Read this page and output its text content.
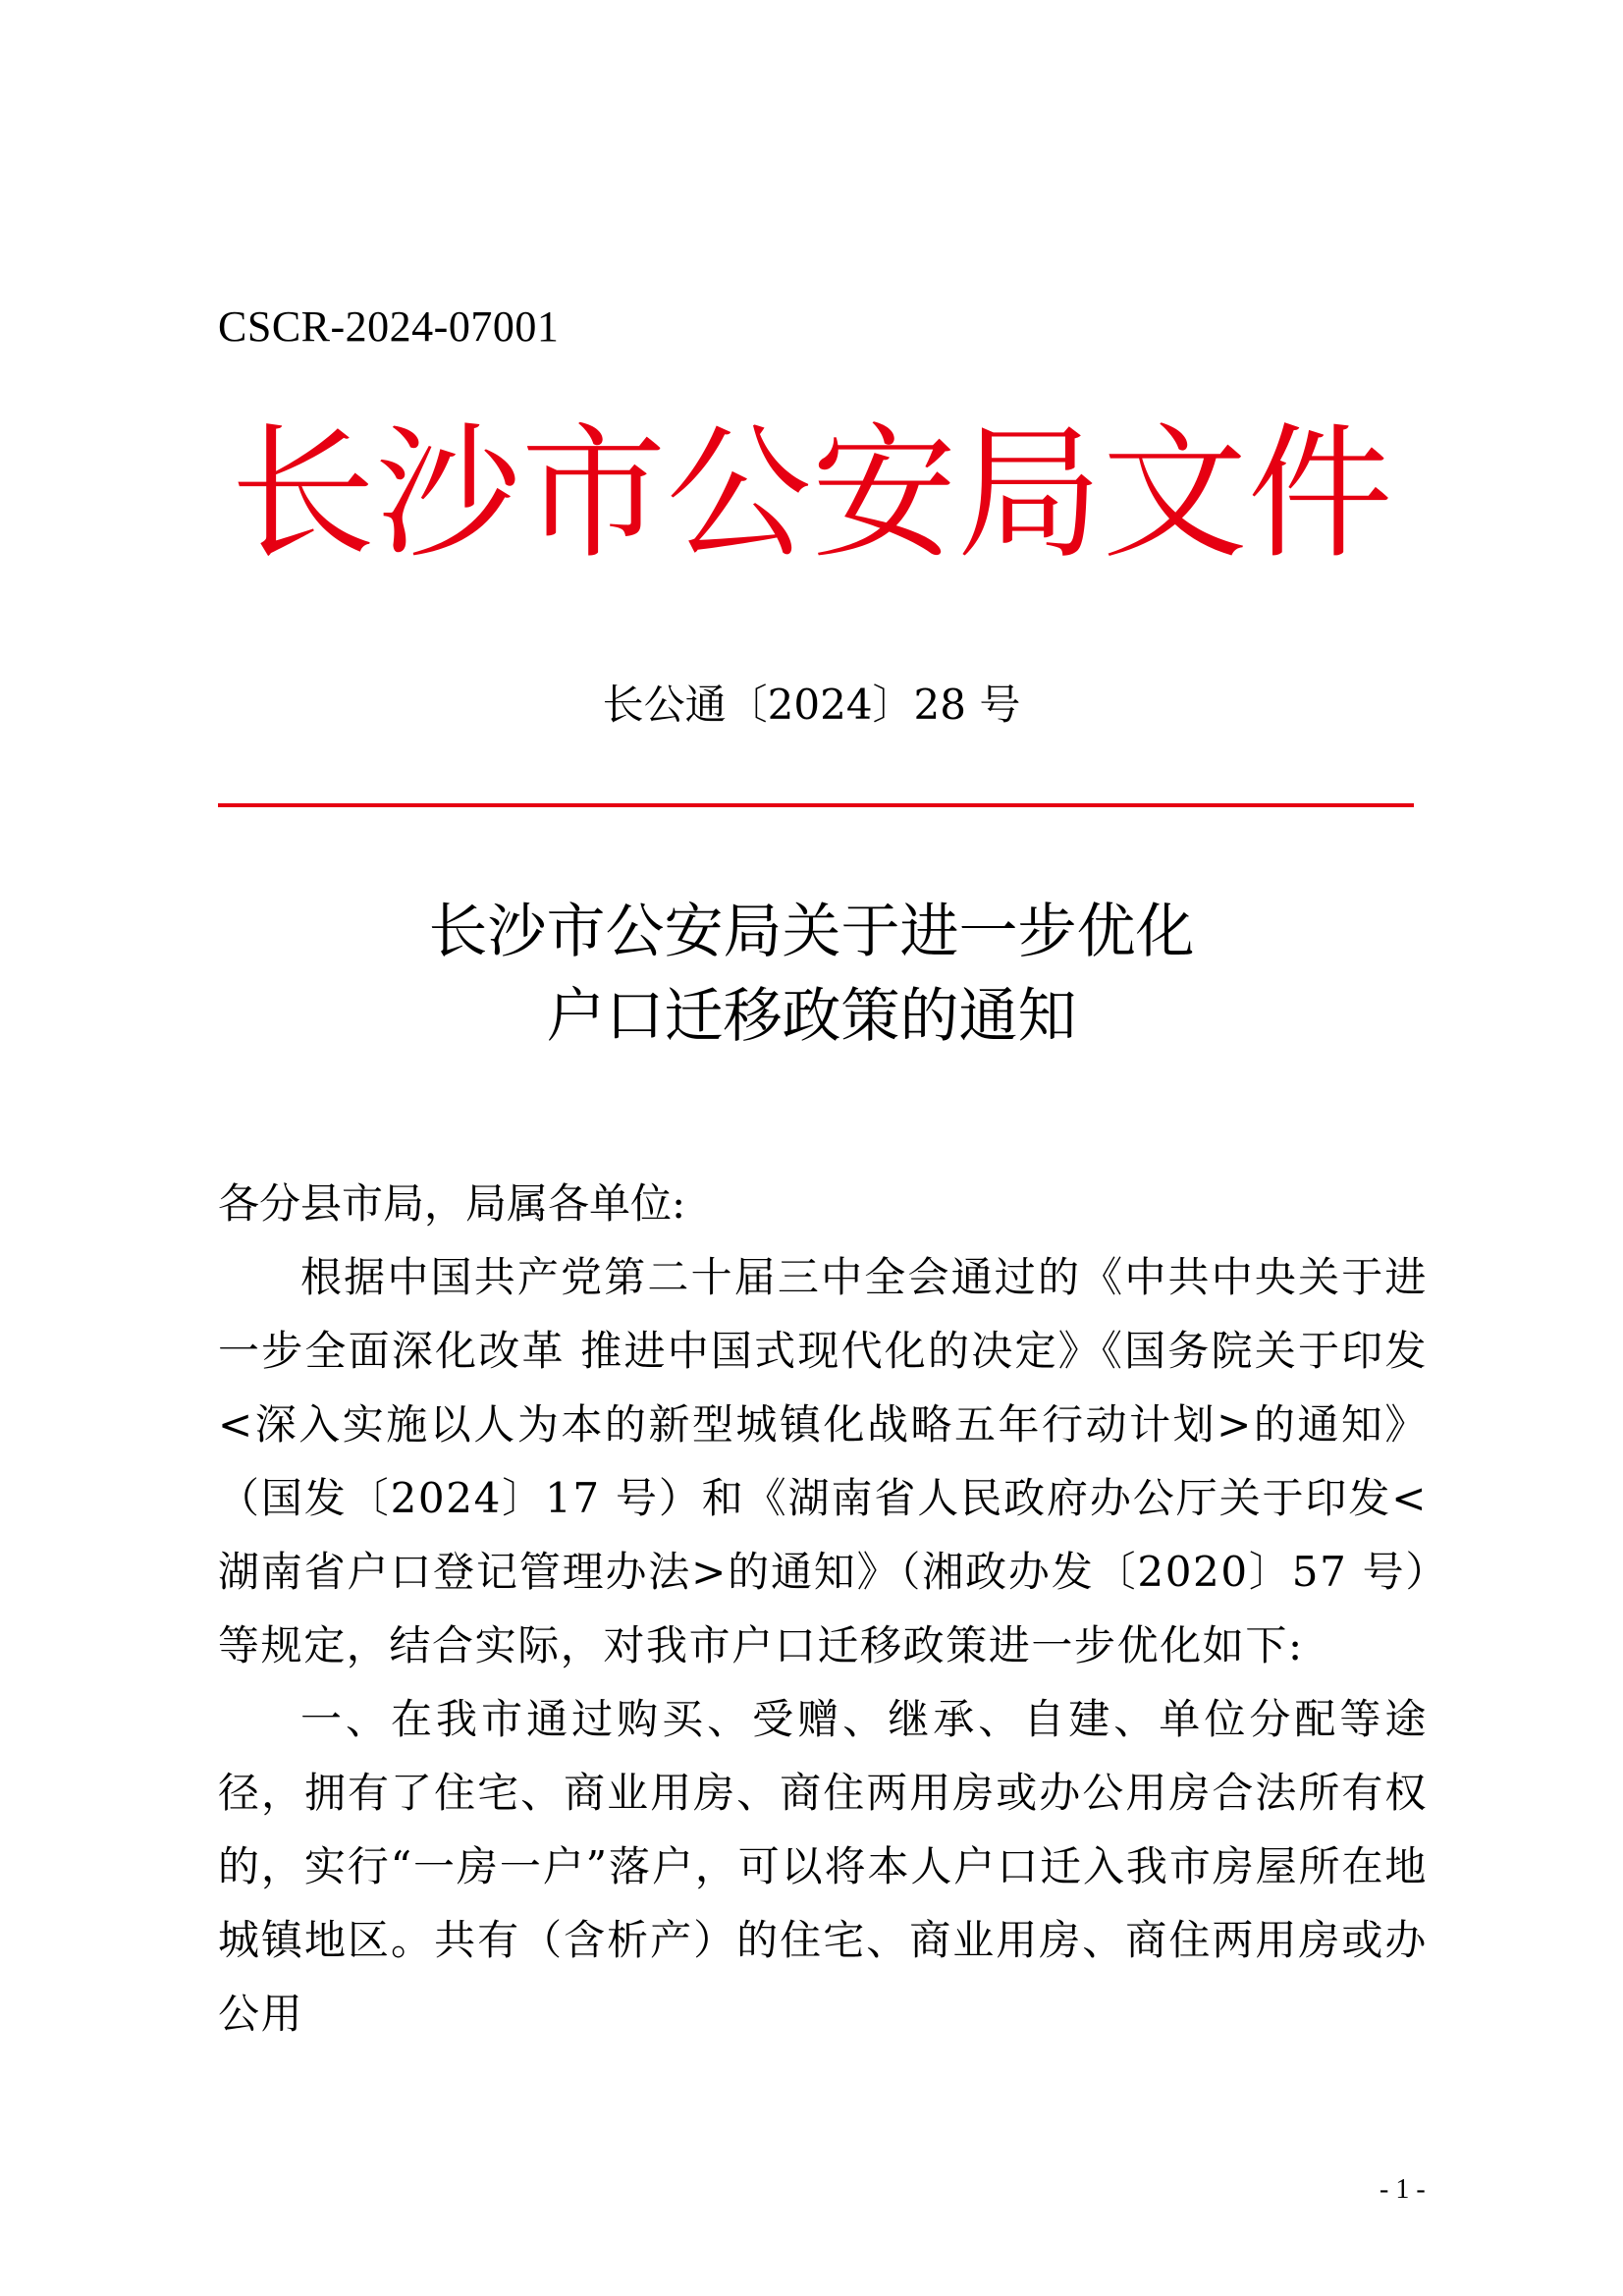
CSCR-2024-07001
长沙市公安局文件
长公通〔2024〕28 号
长沙市公安局关于进一步优化
户口迁移政策的通知

各分县市局，局属各单位:

根据中国共产党第二十届三中全会通过的《中共中央关于进一步全面深化改革 推进中国式现代化的决定》《国务院关于印发<深入实施以人为本的新型城镇化战略五年行动计划>的通知》（国发〔2024〕17 号）和《湖南省人民政府办公厅关于印发<湖南省户口登记管理办法>的通知》（湘政办发〔2020〕57 号）等规定，结合实际，对我市户口迁移政策进一步优化如下:

一、在我市通过购买、受赠、继承、自建、单位分配等途径，拥有了住宅、商业用房、商住两用房或办公用房合法所有权的，实行“一房一户”落户，可以将本人户口迁入我市房屋所在地城镇地区。共有（含析产）的住宅、商业用房、商住两用房或办公用

- 1 -
